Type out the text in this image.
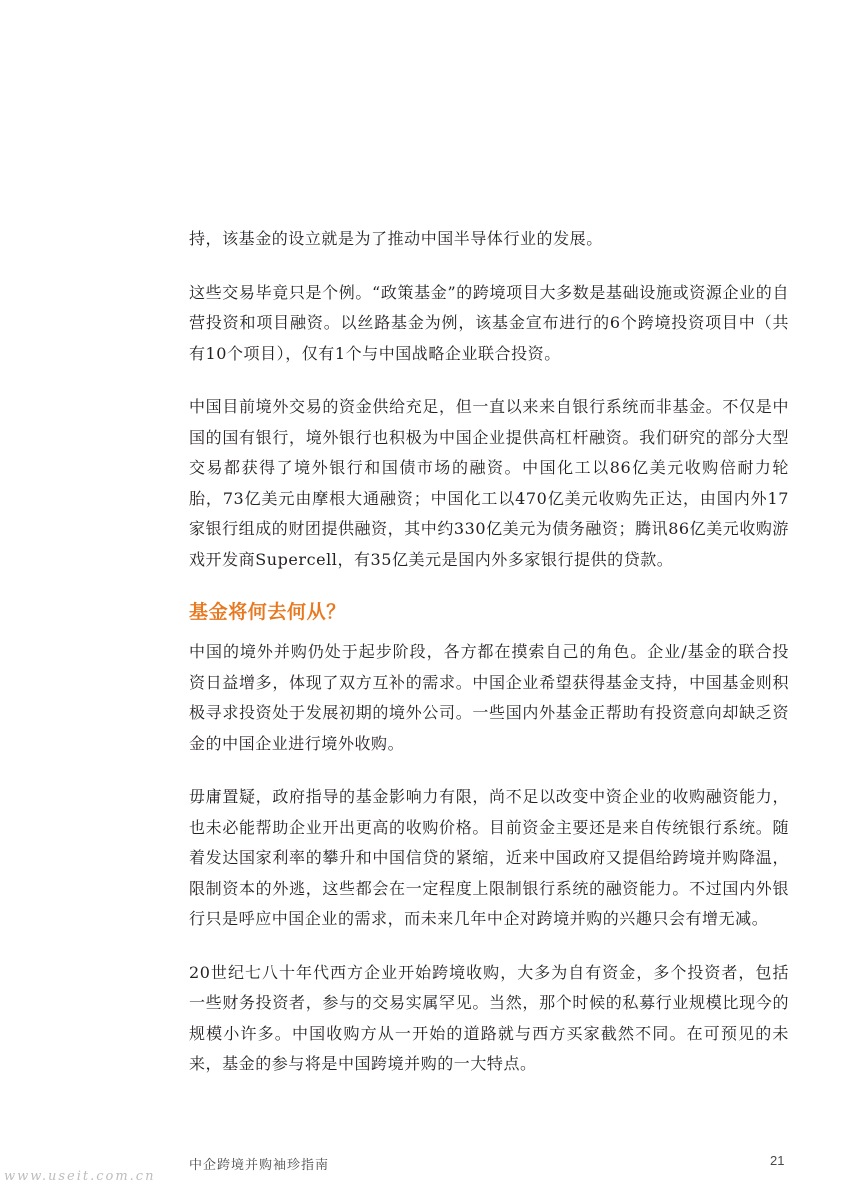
持，该基金的设立就是为了推动中国半导体行业的发展。

这些交易毕竟只是个例。“政策基金”的跨境项目大多数是基础设施或资源企业的自营投资和项目融资。以丝路基金为例，该基金宣布进行的6个跨境投资项目中（共有10个项目），仅有1个与中国战略企业联合投资。

中国目前境外交易的资金供给充足，但一直以来来自银行系统而非基金。不仅是中国的国有银行，境外银行也积极为中国企业提供高杠杆融资。我们研究的部分大型交易都获得了境外银行和国债市场的融资。中国化工以86亿美元收购倍耐力轮胎，73亿美元由摩根大通融资；中国化工以470亿美元收购先正达，由国内外17家银行组成的财团提供融资，其中约330亿美元为债务融资；腾讯86亿美元收购游戏开发商Supercell，有35亿美元是国内外多家银行提供的贷款。

基金将何去何从？

中国的境外并购仍处于起步阶段，各方都在摸索自己的角色。企业/基金的联合投资日益增多，体现了双方互补的需求。中国企业希望获得基金支持，中国基金则积极寻求投资处于发展初期的境外公司。一些国内外基金正帮助有投资意向却缺乏资金的中国企业进行境外收购。

毋庸置疑，政府指导的基金影响力有限，尚不足以改变中资企业的收购融资能力，也未必能帮助企业开出更高的收购价格。目前资金主要还是来自传统银行系统。随着发达国家利率的攀升和中国信贷的紧缩，近来中国政府又提倡给跨境并购降温，限制资本的外逃，这些都会在一定程度上限制银行系统的融资能力。不过国内外银行只是呼应中国企业的需求，而未来几年中企对跨境并购的兴趣只会有增无减。

20世纪七八十年代西方企业开始跨境收购，大多为自有资金，多个投资者，包括一些财务投资者，参与的交易实属罕见。当然，那个时候的私募行业规模比现今的规模小许多。中国收购方从一开始的道路就与西方买家截然不同。在可预见的未来，基金的参与将是中国跨境并购的一大特点。

中企跨境并购袖珍指南	21
www.useit.com.cn
